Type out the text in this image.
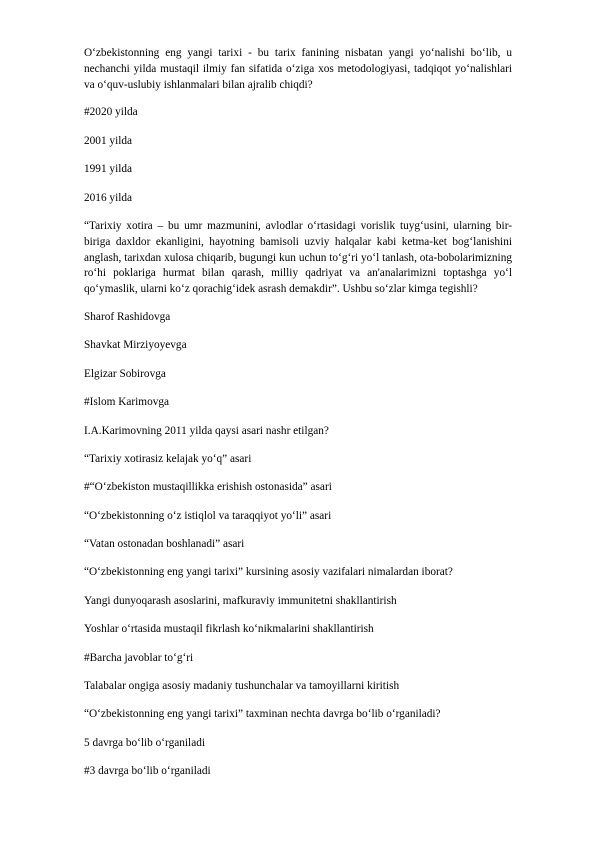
O‘zbekistonning eng yangi tarixi - bu tarix fanining nisbatan yangi yo‘nalishi bo‘lib, u nechanchi yilda mustaqil ilmiy fan sifatida o‘ziga xos metodologiyasi, tadqiqot yo‘nalishlari va o‘quv-uslubiy ishlanmalari bilan ajralib chiqdi?

#2020 yilda

2001 yilda

1991 yilda

2016 yilda

“Tarixiy xotira – bu umr mazmunini, avlodlar o‘rtasidagi vorislik tuyg‘usini, ularning bir-biriga daxldor ekanligini, hayotning bamisoli uzviy halqalar kabi ketma-ket bog‘lanishini anglash, tarixdan xulosa chiqarib, bugungi kun uchun to‘g‘ri yo‘l tanlash, ota-bobolarimizning ro‘hi poklariga hurmat bilan qarash, milliy qadriyat va an'analarimizni toptashga yo‘l qo‘ymaslik, ularni ko‘z qorachig‘idek asrash demakdir”. Ushbu so‘zlar kimga tegishli?

Sharof Rashidovga

Shavkat Mirziyoyevga

Elgizar Sobirovga

#Islom Karimovga

I.A.Karimovning 2011 yilda qaysi asari nashr etilgan?

“Tarixiy xotirasiz kelajak yo‘q” asari

#“O‘zbekiston mustaqillikka erishish ostonasida” asari

“O‘zbekistonning o‘z istiqlol va taraqqiyot yo‘li” asari

“Vatan ostonadan boshlanadi” asari

“O‘zbekistonning eng yangi tarixi” kursining asosiy vazifalari nimalardan iborat?

Yangi dunyoqarash asoslarini, mafkuraviy immunitetni shakllantirish

Yoshlar o‘rtasida mustaqil fikrlash ko‘nikmalarini shakllantirish

#Barcha javoblar to‘g‘ri

Talabalar ongiga asosiy madaniy tushunchalar va tamoyillarni kiritish

“O‘zbekistonning eng yangi tarixi” taxminan nechta davrga bo‘lib o‘rganiladi?

5 davrga bo‘lib o‘rganiladi

#3 davrga bo‘lib o‘rganiladi
